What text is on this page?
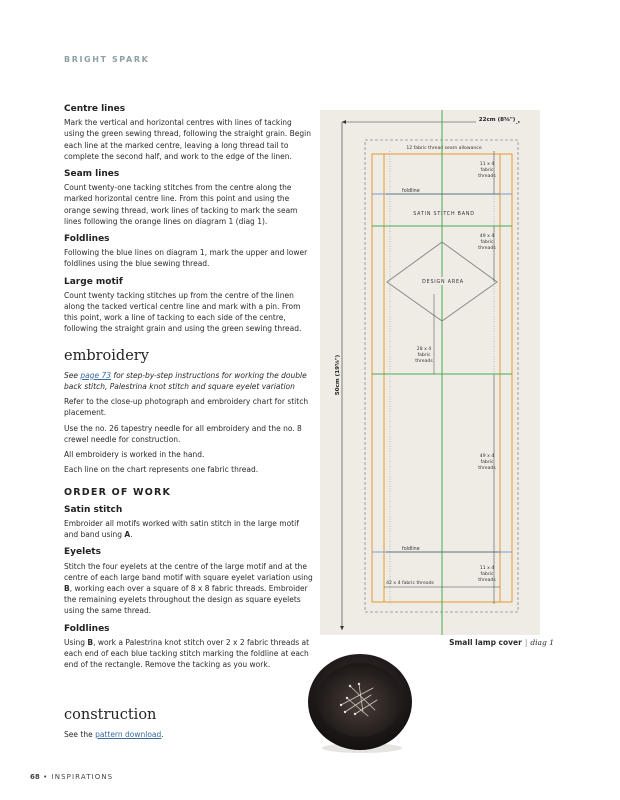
BRIGHT SPARK
Centre lines

Mark the vertical and horizontal centres with lines of tacking using the green sewing thread, following the straight grain. Begin each line at the marked centre, leaving a long thread tail to complete the second half, and work to the edge of the linen.

Seam lines

Count twenty-one tacking stitches from the centre along the marked horizontal centre line. From this point and using the orange sewing thread, work lines of tacking to mark the seam lines following the orange lines on diagram 1 (diag 1).

Foldlines

Following the blue lines on diagram 1, mark the upper and lower foldlines using the blue sewing thread.

Large motif

Count twenty tacking stitches up from the centre of the linen along the tacked vertical centre line and mark with a pin. From this point, work a line of tacking to each side of the centre, following the straight grain and using the green sewing thread.

embroidery

See page 73 for step-by-step instructions for working the double back stitch, Palestrina knot stitch and square eyelet variation

Refer to the close-up photograph and embroidery chart for stitch placement.

Use the no. 26 tapestry needle for all embroidery and the no. 8 crewel needle for construction.

All embroidery is worked in the hand.

Each line on the chart represents one fabric thread.

ORDER OF WORK
Satin stitch

Embroider all motifs worked with satin stitch in the large motif and band using A.

Eyelets

Stitch the four eyelets at the centre of the large motif and at the centre of each large band motif with square eyelet variation using B, working each over a square of 8 x 8 fabric threads. Embroider the remaining eyelets throughout the design as square eyelets using the same thread.

Foldlines

Using B, work a Palestrina knot stitch over 2 x 2 fabric threads at each end of each blue tacking stitch marking the foldline at each end of the rectangle. Remove the tacking as you work.

construction

See the pattern download.

68 • INSPIRATIONS
22cm (8⅝")
50cm (19⅝")
12 fabric thread seam allowance
foldline
foldline
SATIN STITCH BAND
DESIGN AREA
11 x 4
fabric
threads
49 x 4
fabric
threads
28 x 4
fabric
threads
49 x 4
fabric
threads
11 x 4
fabric
threads
42 x 4 fabric threads
Small lamp cover | diag 1
